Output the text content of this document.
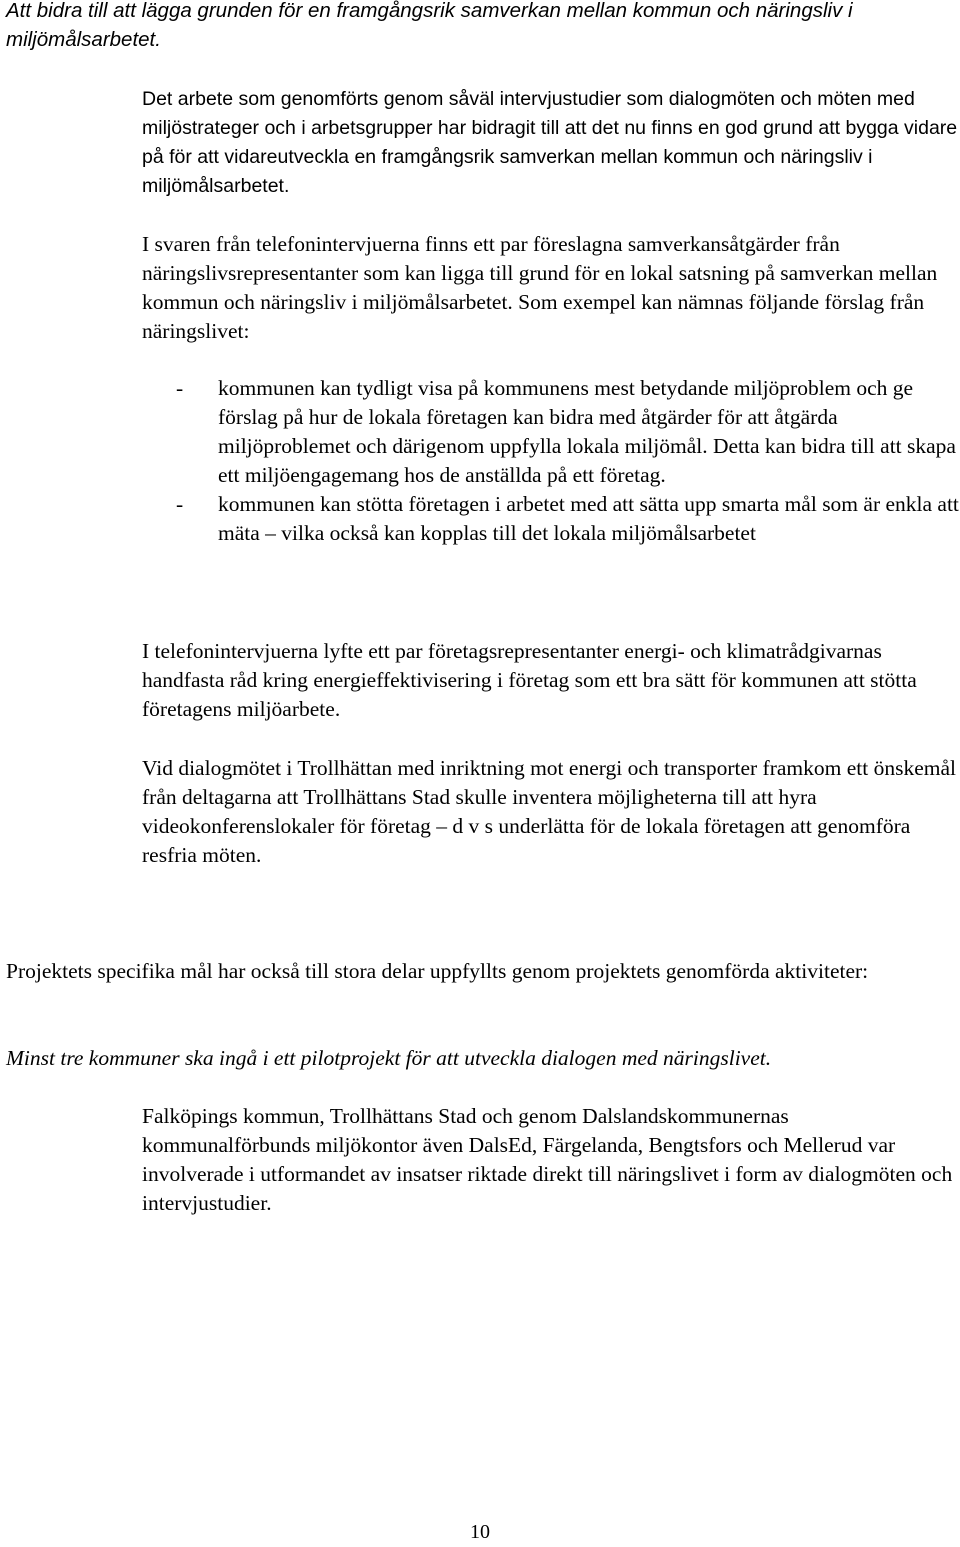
Att bidra till att lägga grunden för en framgångsrik samverkan mellan kommun och näringsliv i miljömålsarbetet.

Det arbete som genomförts genom såväl intervjustudier som dialogmöten och möten med miljöstrateger och i arbetsgrupper har bidragit till att det nu finns en god grund att bygga vidare på för att vidareutveckla en framgångsrik samverkan mellan kommun och näringsliv i miljömålsarbetet.

I svaren från telefonintervjuerna finns ett par föreslagna samverkansåtgärder från näringslivsrepresentanter som kan ligga till grund för en lokal satsning på samverkan mellan kommun och näringsliv i miljömålsarbetet. Som exempel kan nämnas följande förslag från näringslivet:

- kommunen kan tydligt visa på kommunens mest betydande miljöproblem och ge förslag på hur de lokala företagen kan bidra med åtgärder för att åtgärda miljöproblemet och därigenom uppfylla lokala miljömål. Detta kan bidra till att skapa ett miljöengagemang hos de anställda på ett företag.
- kommunen kan stötta företagen i arbetet med att sätta upp smarta mål som är enkla att mäta – vilka också kan kopplas till det lokala miljömålsarbetet

I telefonintervjuerna lyfte ett par företagsrepresentanter energi- och klimatrådgivarnas handfasta råd kring energieffektivisering i företag som ett bra sätt för kommunen att stötta företagens miljöarbete.

Vid dialogmötet i Trollhättan med inriktning mot energi och transporter framkom ett önskemål från deltagarna att Trollhättans Stad skulle inventera möjligheterna till att hyra videokonferenslokaler för företag – d v s underlätta för de lokala företagen att genomföra resfria möten.

Projektets specifika mål har också till stora delar uppfyllts genom projektets genomförda aktiviteter:

Minst tre kommuner ska ingå i ett pilotprojekt för att utveckla dialogen med näringslivet.

Falköpings kommun, Trollhättans Stad och genom Dalslandskommunernas kommunalförbunds miljökontor även DalsEd, Färgelanda, Bengtsfors och Mellerud var involverade i utformandet av insatser riktade direkt till näringslivet i form av dialogmöten och intervjustudier.

10
